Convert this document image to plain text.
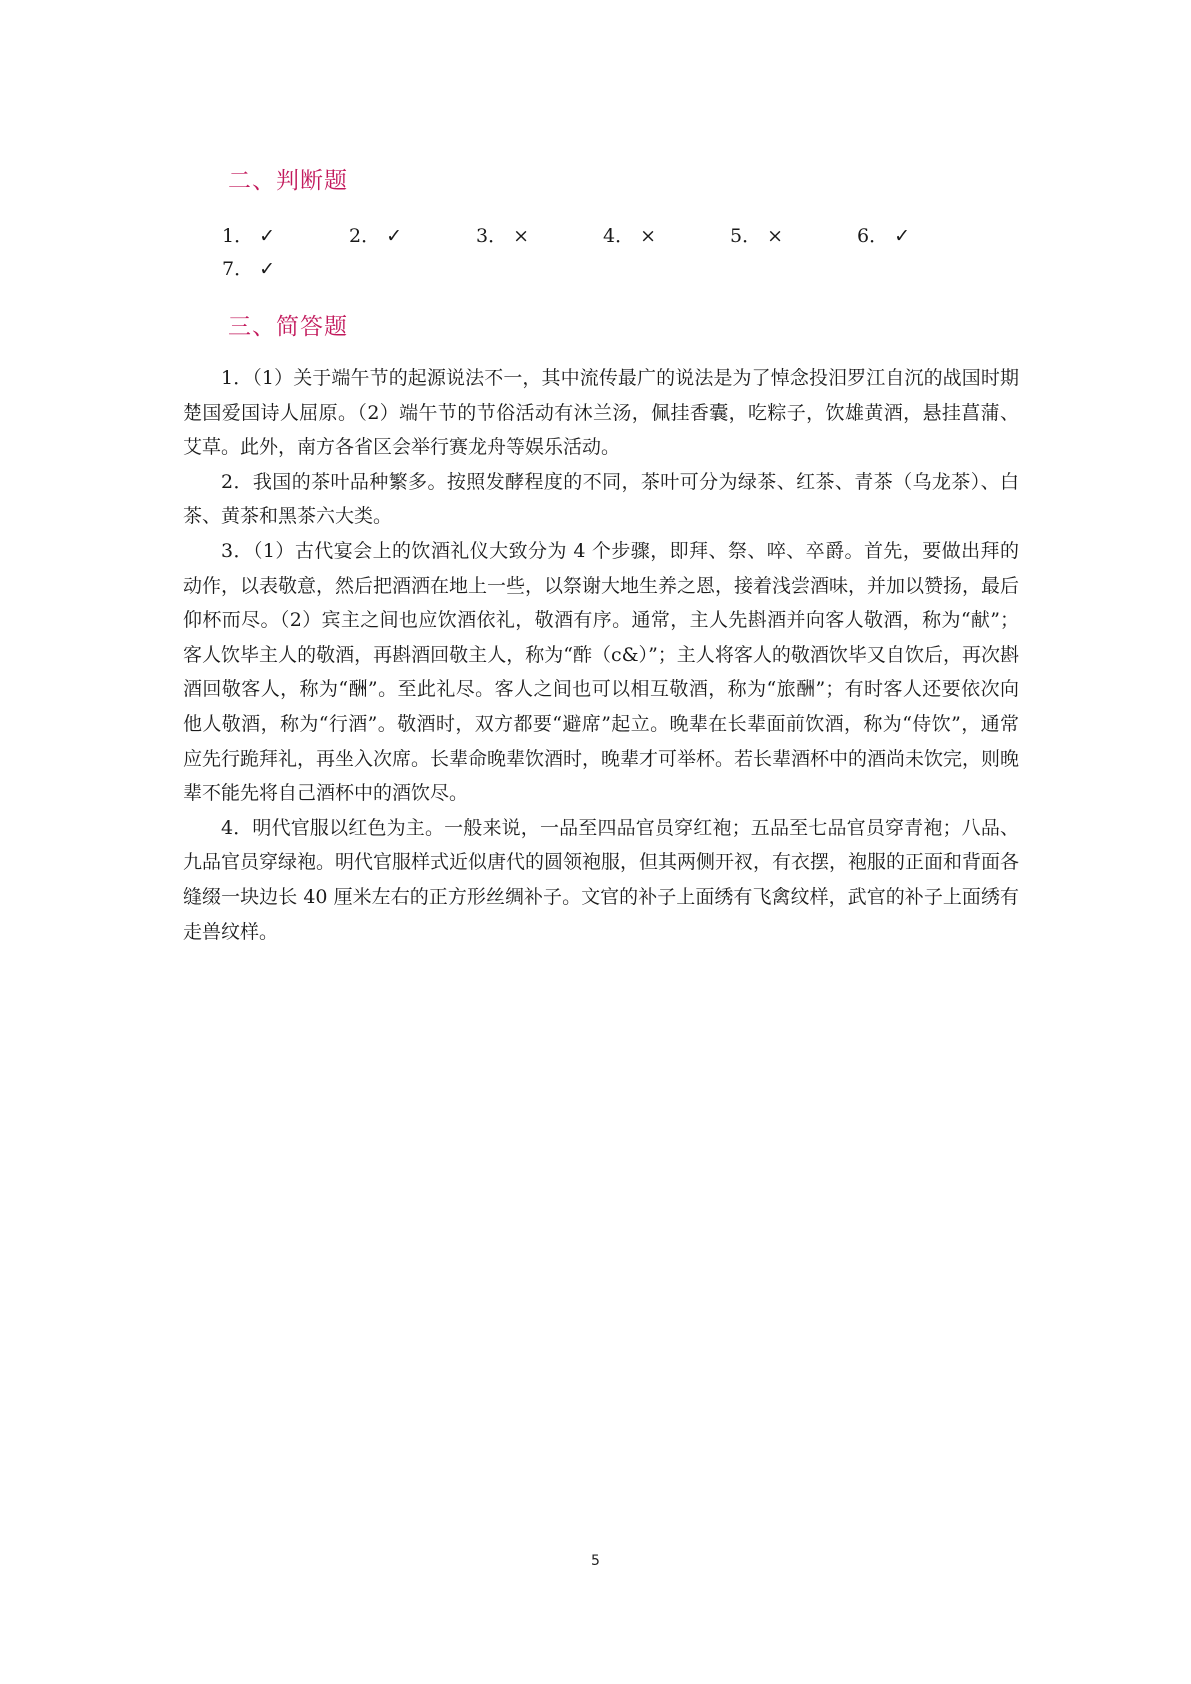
二、判断题
1． ✓	2． ✓	3． ×	4． ×	5． ×	6． ✓
7． ✓
三、简答题

1．（1）关于端午节的起源说法不一，其中流传最广的说法是为了悼念投汨罗江自沉的战国时期楚国爱国诗人屈原。（2）端午节的节俗活动有沐兰汤，佩挂香囊，吃粽子，饮雄黄酒，悬挂菖蒲、艾草。此外，南方各省区会举行赛龙舟等娱乐活动。

2．我国的茶叶品种繁多。按照发酵程度的不同，茶叶可分为绿茶、红茶、青茶（乌龙茶）、白茶、黄茶和黑茶六大类。

3．（1）古代宴会上的饮酒礼仪大致分为 4 个步骤，即拜、祭、啐、卒爵。首先，要做出拜的动作，以表敬意，然后把酒洒在地上一些，以祭谢大地生养之恩，接着浅尝酒味，并加以赞扬，最后仰杯而尽。（2）宾主之间也应饮酒依礼，敬酒有序。通常，主人先斟酒并向客人敬酒，称为“献”；客人饮毕主人的敬酒，再斟酒回敬主人，称为“酢（c&）”；主人将客人的敬酒饮毕又自饮后，再次斟酒回敬客人，称为“酬”。至此礼尽。客人之间也可以相互敬酒，称为“旅酬”；有时客人还要依次向他人敬酒，称为“行酒”。敬酒时，双方都要“避席”起立。晚辈在长辈面前饮酒，称为“侍饮”，通常应先行跪拜礼，再坐入次席。长辈命晚辈饮酒时，晚辈才可举杯。若长辈酒杯中的酒尚未饮完，则晚辈不能先将自己酒杯中的酒饮尽。

4．明代官服以红色为主。一般来说，一品至四品官员穿红袍；五品至七品官员穿青袍；八品、九品官员穿绿袍。明代官服样式近似唐代的圆领袍服，但其两侧开衩，有衣摆，袍服的正面和背面各缝缀一块边长 40 厘米左右的正方形丝绸补子。文官的补子上面绣有飞禽纹样，武官的补子上面绣有走兽纹样。

5
